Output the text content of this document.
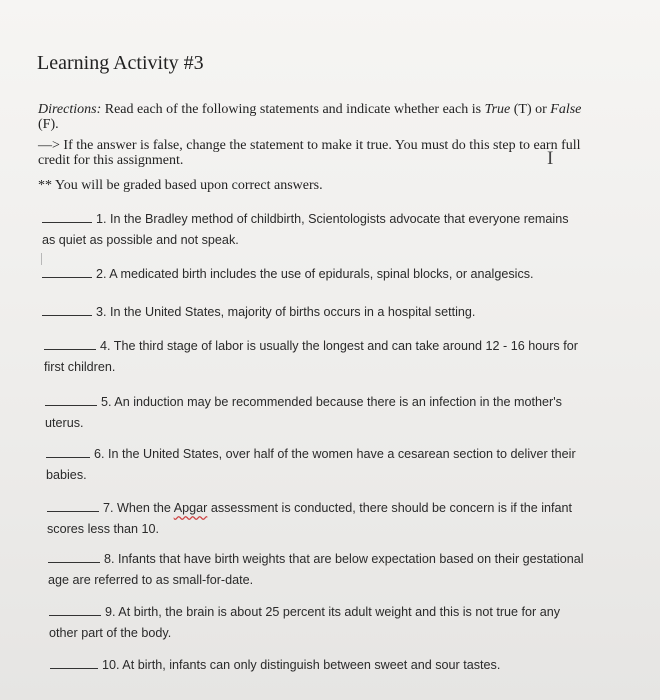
Learning Activity #3
Directions: Read each of the following statements and indicate whether each is True (T) or False
(F).
—> If the answer is false, change the statement to make it true. You must do this step to earn full
credit for this assignment.	I
** You will be graded based upon correct answers.
1. In the Bradley method of childbirth, Scientologists advocate that everyone remains
as quiet as possible and not speak.
2. A medicated birth includes the use of epidurals, spinal blocks, or analgesics.
3. In the United States, majority of births occurs in a hospital setting.
4. The third stage of labor is usually the longest and can take around 12 - 16 hours for
first children.
5. An induction may be recommended because there is an infection in the mother's
uterus.
6. In the United States, over half of the women have a cesarean section to deliver their
babies.
7. When the Apgar assessment is conducted, there should be concern is if the infant
scores less than 10.
8. Infants that have birth weights that are below expectation based on their gestational
age are referred to as small-for-date.
9. At birth, the brain is about 25 percent its adult weight and this is not true for any
other part of the body.
10. At birth, infants can only distinguish between sweet and sour tastes.
